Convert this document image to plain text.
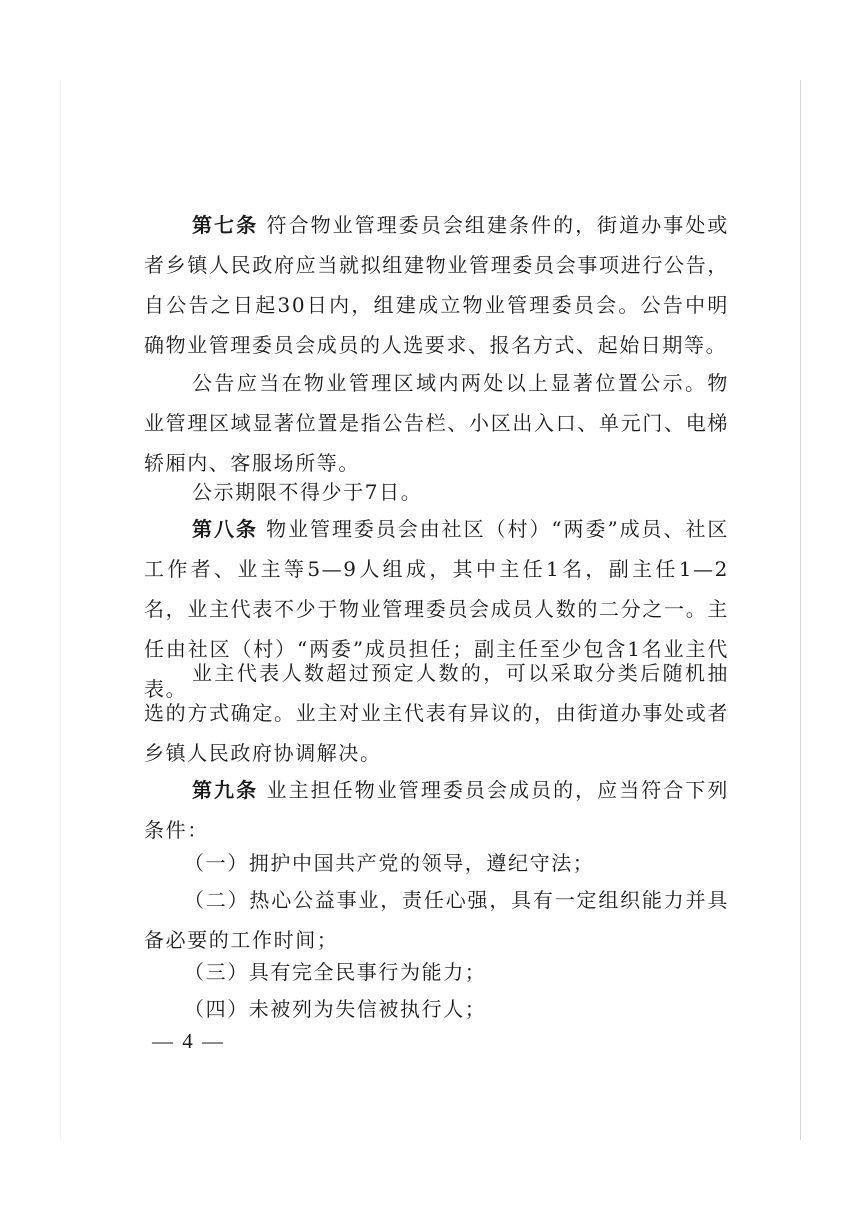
第七条 符合物业管理委员会组建条件的，街道办事处或者乡镇人民政府应当就拟组建物业管理委员会事项进行公告，自公告之日起30日内，组建成立物业管理委员会。公告中明确物业管理委员会成员的人选要求、报名方式、起始日期等。

公告应当在物业管理区域内两处以上显著位置公示。物业管理区域显著位置是指公告栏、小区出入口、单元门、电梯轿厢内、客服场所等。

公示期限不得少于7日。

第八条 物业管理委员会由社区（村）“两委”成员、社区工作者、业主等5—9人组成，其中主任1名，副主任1—2名，业主代表不少于物业管理委员会成员人数的二分之一。主任由社区（村）“两委”成员担任；副主任至少包含1名业主代表。

业主代表人数超过预定人数的，可以采取分类后随机抽选的方式确定。业主对业主代表有异议的，由街道办事处或者乡镇人民政府协调解决。

第九条 业主担任物业管理委员会成员的，应当符合下列条件：

（一）拥护中国共产党的领导，遵纪守法；

（二）热心公益事业，责任心强，具有一定组织能力并具备必要的工作时间；

（三）具有完全民事行为能力；

（四）未被列为失信被执行人；

— 4 —
